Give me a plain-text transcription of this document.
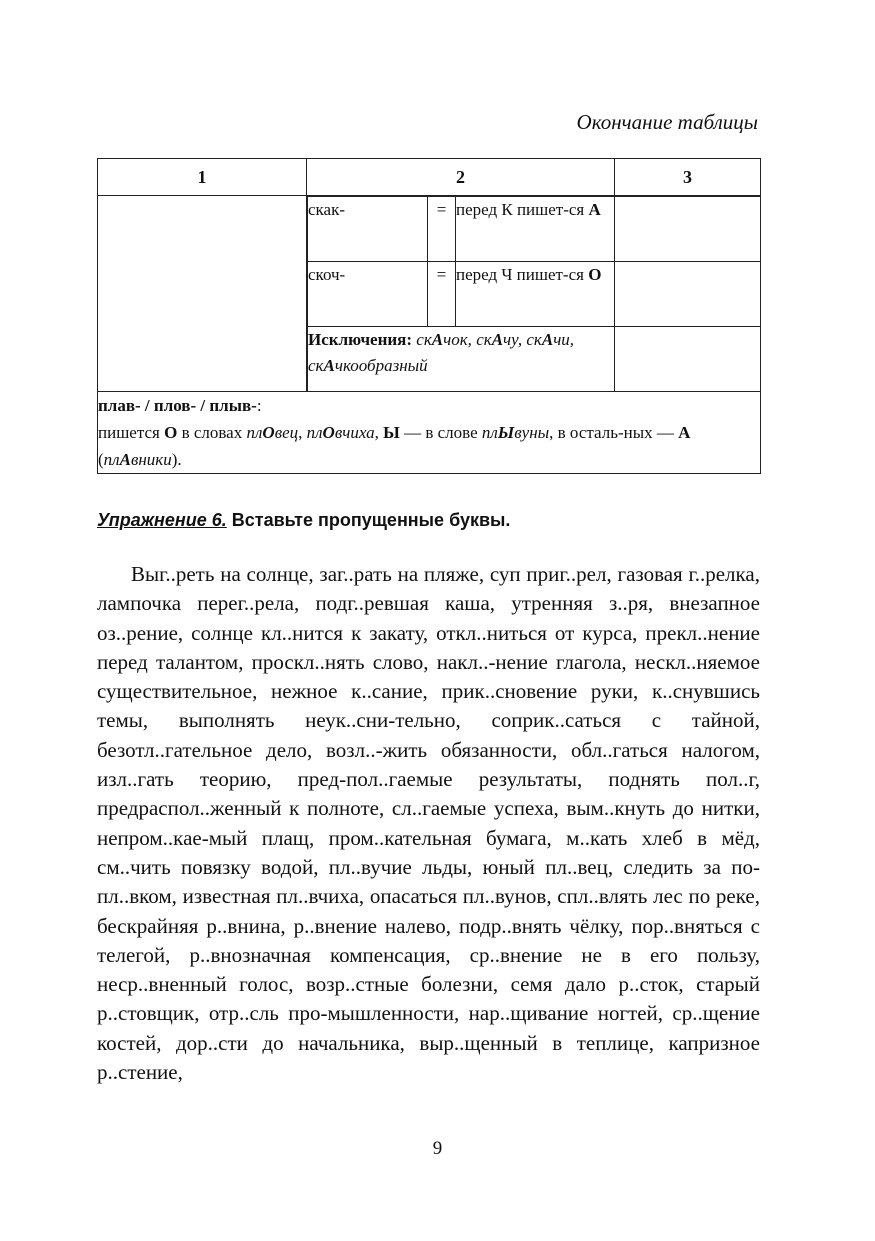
Окончание таблицы
1	2	3

скак-	=	перед К пишет-ся А	
скоч-	=	перед Ч пишет-ся О	
Исключения: скАчок, скАчу, скАчи, скАчкообразный	

плав- / плов- / плыв-:
пишется О в словах плОвец, плОвчиха, Ы — в слове плЫвуны, в осталь-ных — А (плАвники).
Упражнение 6. Вставьте пропущенные буквы.
Выг..реть на солнце, заг..рать на пляже, суп приг..рел, газовая г..релка, лампочка перег..рела, подг..ревшая каша, утренняя з..ря, внезапное оз..рение, солнце кл..нится к закату, откл..ниться от курса, прекл..нение перед талантом, проскл..нять слово, накл..-нение глагола, нескл..няемое существительное, нежное к..сание, прик..сновение руки, к..снувшись темы, выполнять неук..сни-тельно, соприк..саться с тайной, безотл..гательное дело, возл..-жить обязанности, обл..гаться налогом, изл..гать теорию, пред-пол..гаемые результаты, поднять пол..г, предраспол..женный к полноте, сл..гаемые успеха, вым..кнуть до нитки, непром..кае-мый плащ, пром..кательная бумага, м..кать хлеб в мёд, см..чить повязку водой, пл..вучие льды, юный пл..вец, следить за по-пл..вком, известная пл..вчиха, опасаться пл..вунов, спл..влять лес по реке, бескрайняя р..внина, р..внение налево, подр..внять чёлку, пор..вняться с телегой, р..внозначная компенсация, ср..внение не в его пользу, неср..вненный голос, возр..стные болезни, семя дало р..сток, старый р..стовщик, отр..сль про-мышленности, нар..щивание ногтей, ср..щение костей, дор..сти до начальника, выр..щенный в теплице, капризное р..стение,
9
